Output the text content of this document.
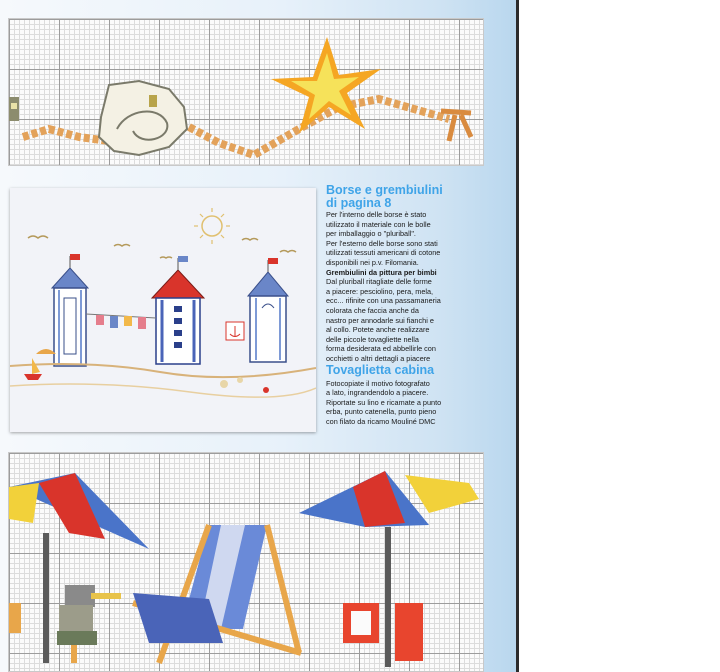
Borse e grembiulini
di pagina 8

Per l'interno delle borse è stato
utilizzato il materiale con le bolle
per imballaggio o "pluriball".
Per l'esterno delle borse sono stati
utilizzati tessuti americani di cotone
disponibili nei p.v. Filomania.
Grembiulini da pittura per bimbi
Dal pluriball ritagliate delle forme
a piacere: pesciolino, pera, mela,
ecc... rifinite con una passamaneria
colorata che faccia anche da
nastro per annodarle sui fianchi e
al collo. Potete anche realizzare
delle piccole tovagliette nella
forma desiderata ed abbellirle con
occhietti o altri dettagli a piacere

Tovaglietta cabina

Fotocopiate il motivo fotografato
a lato, ingrandendolo a piacere.
Riportate su lino e ricamate a punto
erba, punto catenella, punto pieno
con filato da ricamo Mouliné DMC
